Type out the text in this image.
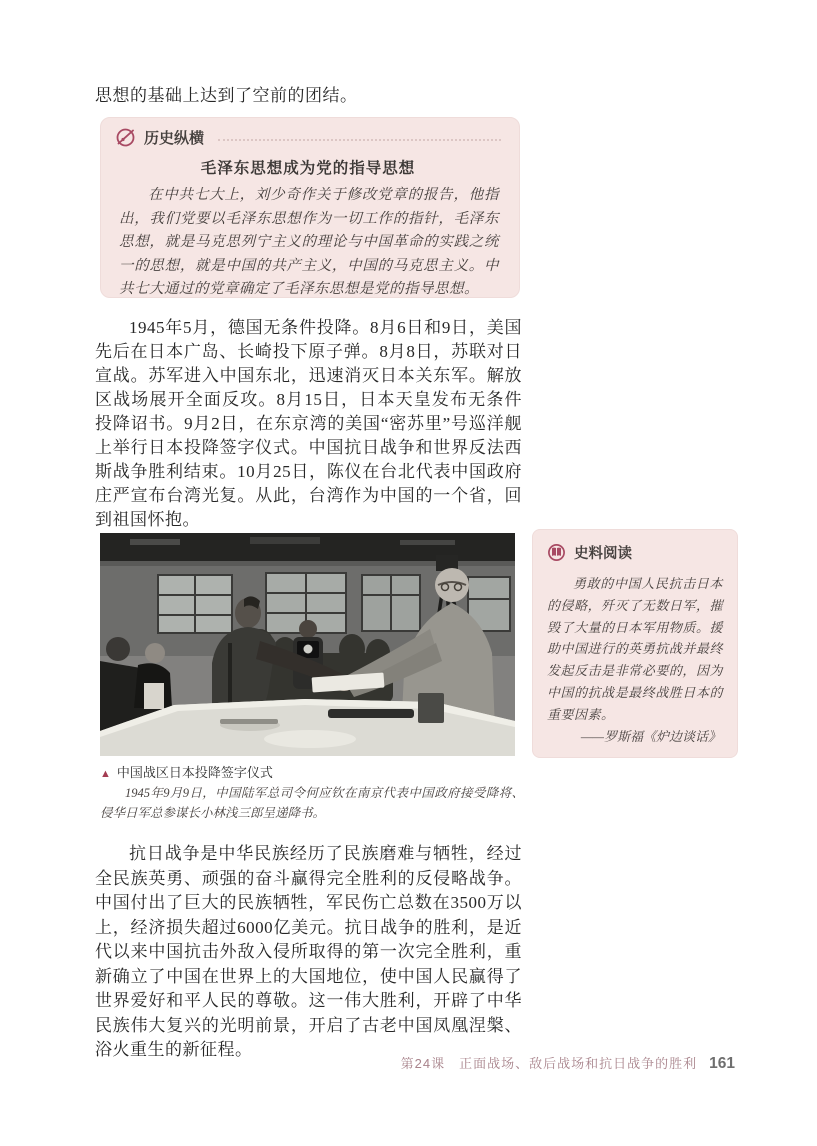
思想的基础上达到了空前的团结。
历史纵横
毛泽东思想成为党的指导思想
在中共七大上，刘少奇作关于修改党章的报告，他指出，我们党要以毛泽东思想作为一切工作的指针，毛泽东思想，就是马克思列宁主义的理论与中国革命的实践之统一的思想，就是中国的共产主义，中国的马克思主义。中共七大通过的党章确定了毛泽东思想是党的指导思想。
1945年5月，德国无条件投降。8月6日和9日，美国先后在日本广岛、长崎投下原子弹。8月8日，苏联对日宣战。苏军进入中国东北，迅速消灭日本关东军。解放区战场展开全面反攻。8月15日，日本天皇发布无条件投降诏书。9月2日，在东京湾的美国“密苏里”号巡洋舰上举行日本投降签字仪式。中国抗日战争和世界反法西斯战争胜利结束。10月25日，陈仪在台北代表中国政府庄严宣布台湾光复。从此，台湾作为中国的一个省，回到祖国怀抱。
▲ 中国战区日本投降签字仪式
1945年9月9日，中国陆军总司令何应钦在南京代表中国政府接受降将、侵华日军总参谋长小林浅三郎呈递降书。
史料阅读
勇敢的中国人民抗击日本的侵略，歼灭了无数日军，摧毁了大量的日本军用物质。援助中国进行的英勇抗战并最终发起反击是非常必要的，因为中国的抗战是最终战胜日本的重要因素。
——罗斯福《炉边谈话》
抗日战争是中华民族经历了民族磨难与牺牲，经过全民族英勇、顽强的奋斗赢得完全胜利的反侵略战争。中国付出了巨大的民族牺牲，军民伤亡总数在3500万以上，经济损失超过6000亿美元。抗日战争的胜利，是近代以来中国抗击外敌入侵所取得的第一次完全胜利，重新确立了中国在世界上的大国地位，使中国人民赢得了世界爱好和平人民的尊敬。这一伟大胜利，开辟了中华民族伟大复兴的光明前景，开启了古老中国凤凰涅槃、浴火重生的新征程。
第24课 正面战场、敌后战场和抗日战争的胜利 161
